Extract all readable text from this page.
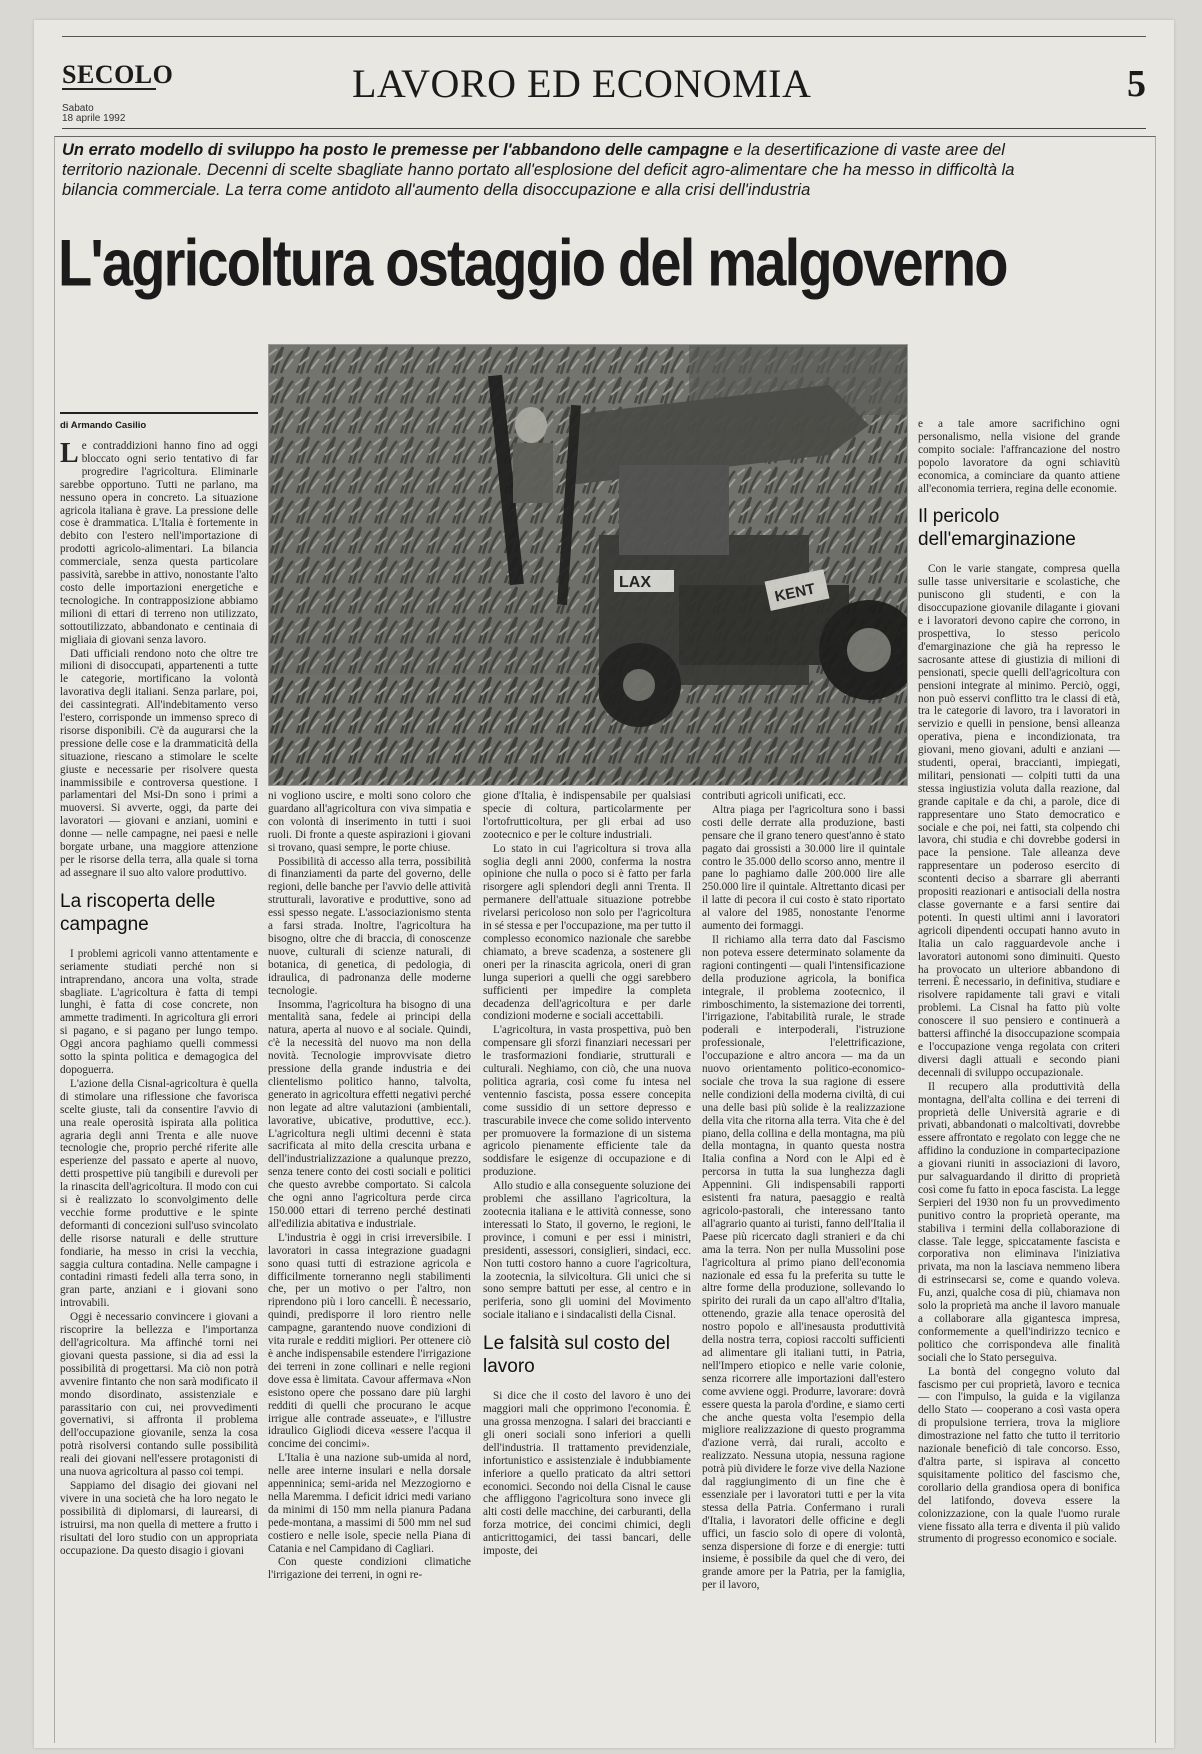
SECOLO
Sabato
18 aprile 1992
LAVORO ED ECONOMIA	5
Un errato modello di sviluppo ha posto le premesse per l'abbandono delle campagne e la desertificazione di vaste aree del territorio nazionale. Decenni di scelte sbagliate hanno portato all'esplosione del deficit agro-alimentare che ha messo in difficoltà la bilancia commerciale. La terra come antidoto all'aumento della disoccupazione e alla crisi dell'industria
L'agricoltura ostaggio del malgoverno
di Armando Casilio
LAX	KENT

Le contraddizioni hanno fino ad oggi bloccato ogni serio tentativo di far progredire l'agricoltura. Eliminarle sarebbe opportuno. Tutti ne parlano, ma nessuno opera in concreto. La situazione agricola italiana è grave. La pressione delle cose è drammatica. L'Italia è fortemente in debito con l'estero nell'importazione di prodotti agricolo-alimentari. La bilancia commerciale, senza questa particolare passività, sarebbe in attivo, nonostante l'alto costo delle importazioni energetiche e tecnologiche. In contrapposizione abbiamo milioni di ettari di terreno non utilizzato, sottoutilizzato, abbandonato e centinaia di migliaia di giovani senza lavoro.

Dati ufficiali rendono noto che oltre tre milioni di disoccupati, appartenenti a tutte le categorie, mortificano la volontà lavorativa degli italiani. Senza parlare, poi, dei cassintegrati. All'indebitamento verso l'estero, corrisponde un immenso spreco di risorse disponibili. C'è da augurarsi che la pressione delle cose e la drammaticità della situazione, riescano a stimolare le scelte giuste e necessarie per risolvere questa inammissibile e controversa questione. I parlamentari del Msi-Dn sono i primi a muoversi. Si avverte, oggi, da parte dei lavoratori — giovani e anziani, uomini e donne — nelle campagne, nei paesi e nelle borgate urbane, una maggiore attenzione per le risorse della terra, alla quale si torna ad assegnare il suo alto valore produttivo.

La riscoperta delle campagne

I problemi agricoli vanno attentamente e seriamente studiati perché non si intraprendano, ancora una volta, strade sbagliate. L'agricoltura è fatta di tempi lunghi, è fatta di cose concrete, non ammette tradimenti. In agricoltura gli errori si pagano, e si pagano per lungo tempo. Oggi ancora paghiamo quelli commessi sotto la spinta politica e demagogica del dopoguerra.

L'azione della Cisnal-agricoltura è quella di stimolare una riflessione che favorisca scelte giuste, tali da consentire l'avvio di una reale operosità ispirata alla politica agraria degli anni Trenta e alle nuove tecnologie che, proprio perché riferite alle esperienze del passato e aperte al nuovo, detti prospettive più tangibili e durevoli per la rinascita dell'agricoltura. Il modo con cui si è realizzato lo sconvolgimento delle vecchie forme produttive e le spinte deformanti di concezioni sull'uso svincolato delle risorse naturali e delle strutture fondiarie, ha messo in crisi la vecchia, saggia cultura contadina. Nelle campagne i contadini rimasti fedeli alla terra sono, in gran parte, anziani e i giovani sono introvabili.

Oggi è necessario convincere i giovani a riscoprire la bellezza e l'importanza dell'agricoltura. Ma affinché torni nei giovani questa passione, si dia ad essi la possibilità di progettarsi. Ma ciò non potrà avvenire fintanto che non sarà modificato il mondo disordinato, assistenziale e parassitario con cui, nei provvedimenti governativi, si affronta il problema dell'occupazione giovanile, senza la cosa potrà risolversi contando sulle possibilità reali dei giovani nell'essere protagonisti di una nuova agricoltura al passo coi tempi.

Sappiamo del disagio dei giovani nel vivere in una società che ha loro negato le possibilità di diplomarsi, di laurearsi, di istruirsi, ma non quella di mettere a frutto i risultati del loro studio con un appropriata occupazione. Da questo disagio i giovani

ni vogliono uscire, e molti sono coloro che guardano all'agricoltura con viva simpatia e con volontà di inserimento in tutti i suoi ruoli. Di fronte a queste aspirazioni i giovani si trovano, quasi sempre, le porte chiuse.

Possibilità di accesso alla terra, possibilità di finanziamenti da parte del governo, delle regioni, delle banche per l'avvio delle attività strutturali, lavorative e produttive, sono ad essi spesso negate. L'associazionismo stenta a farsi strada. Inoltre, l'agricoltura ha bisogno, oltre che di braccia, di conoscenze nuove, culturali di scienze naturali, di botanica, di genetica, di pedologia, di idraulica, di padronanza delle moderne tecnologie.

Insomma, l'agricoltura ha bisogno di una mentalità sana, fedele ai principi della natura, aperta al nuovo e al sociale. Quindi, c'è la necessità del nuovo ma non della novità. Tecnologie improvvisate dietro pressione della grande industria e dei clientelismo politico hanno, talvolta, generato in agricoltura effetti negativi perché non legate ad altre valutazioni (ambientali, lavorative, ubicative, produttive, ecc.). L'agricoltura negli ultimi decenni è stata sacrificata al mito della crescita urbana e dell'industrializzazione a qualunque prezzo, senza tenere conto dei costi sociali e politici che questo avrebbe comportato. Si calcola che ogni anno l'agricoltura perde circa 150.000 ettari di terreno perché destinati all'edilizia abitativa e industriale.

L'industria è oggi in crisi irreversibile. I lavoratori in cassa integrazione guadagni sono quasi tutti di estrazione agricola e difficilmente torneranno negli stabilimenti che, per un motivo o per l'altro, non riprendono più i loro cancelli. È necessario, quindi, predisporre il loro rientro nelle campagne, garantendo nuove condizioni di vita rurale e redditi migliori. Per ottenere ciò è anche indispensabile estendere l'irrigazione dei terreni in zone collinari e nelle regioni dove essa è limitata. Cavour affermava «Non esistono opere che possano dare più larghi redditi di quelli che procurano le acque irrigue alle contrade asseuate», e l'illustre idraulico Gigliodi diceva «essere l'acqua il concime dei concimi».

L'Italia è una nazione sub-umida al nord, nelle aree interne insulari e nella dorsale appenninica; semi-arida nel Mezzogiorno e nella Maremma. I deficit idrici medi variano da minimi di 150 mm nella pianura Padana pede-montana, a massimi di 500 mm nel sud costiero e nelle isole, specie nella Piana di Catania e nel Campidano di Cagliari.

Con queste condizioni climatiche l'irrigazione dei terreni, in ogni re-

gione d'Italia, è indispensabile per qualsiasi specie di coltura, particolarmente per l'ortofrutticoltura, per gli erbai ad uso zootecnico e per le colture industriali.

Lo stato in cui l'agricoltura si trova alla soglia degli anni 2000, conferma la nostra opinione che nulla o poco si è fatto per farla risorgere agli splendori degli anni Trenta. Il permanere dell'attuale situazione potrebbe rivelarsi pericoloso non solo per l'agricoltura in sé stessa e per l'occupazione, ma per tutto il complesso economico nazionale che sarebbe chiamato, a breve scadenza, a sostenere gli oneri per la rinascita agricola, oneri di gran lunga superiori a quelli che oggi sarebbero sufficienti per impedire la completa decadenza dell'agricoltura e per darle condizioni moderne e sociali accettabili.

L'agricoltura, in vasta prospettiva, può ben compensare gli sforzi finanziari necessari per le trasformazioni fondiarie, strutturali e culturali. Neghiamo, con ciò, che una nuova politica agraria, così come fu intesa nel ventennio fascista, possa essere concepita come sussidio di un settore depresso e trascurabile invece che come solido intervento per promuovere la formazione di un sistema agricolo pienamente efficiente tale da soddisfare le esigenze di occupazione e di produzione.

Allo studio e alla conseguente soluzione dei problemi che assillano l'agricoltura, la zootecnia italiana e le attività connesse, sono interessati lo Stato, il governo, le regioni, le province, i comuni e per essi i ministri, presidenti, assessori, consiglieri, sindaci, ecc. Non tutti costoro hanno a cuore l'agricoltura, la zootecnia, la silvicoltura. Gli unici che si sono sempre battuti per esse, al centro e in periferia, sono gli uomini del Movimento sociale italiano e i sindacalisti della Cisnal.

Le falsità sul costo del lavoro

Si dice che il costo del lavoro è uno dei maggiori mali che opprimono l'economia. È una grossa menzogna. I salari dei braccianti e gli oneri sociali sono inferiori a quelli dell'industria. Il trattamento previdenziale, infortunistico e assistenziale è indubbiamente inferiore a quello praticato da altri settori economici. Secondo noi della Cisnal le cause che affliggono l'agricoltura sono invece gli alti costi delle macchine, dei carburanti, della forza motrice, dei concimi chimici, degli anticrittogamici, dei tassi bancari, delle imposte, dei

contributi agricoli unificati, ecc.

Altra piaga per l'agricoltura sono i bassi costi delle derrate alla produzione, basti pensare che il grano tenero quest'anno è stato pagato dai grossisti a 30.000 lire il quintale contro le 35.000 dello scorso anno, mentre il pane lo paghiamo dalle 200.000 lire alle 250.000 lire il quintale. Altrettanto dicasi per il latte di pecora il cui costo è stato riportato al valore del 1985, nonostante l'enorme aumento dei formaggi.

Il richiamo alla terra dato dal Fascismo non poteva essere determinato solamente da ragioni contingenti — quali l'intensificazione della produzione agricola, la bonifica integrale, il problema zootecnico, il rimboschimento, la sistemazione dei torrenti, l'irrigazione, l'abitabilità rurale, le strade poderali e interpoderali, l'istruzione professionale, l'elettrificazione, l'occupazione e altro ancora — ma da un nuovo orientamento politico-economico-sociale che trova la sua ragione di essere nelle condizioni della moderna civiltà, di cui una delle basi più solide è la realizzazione della vita che ritorna alla terra. Vita che è del piano, della collina e della montagna, ma più della montagna, in quanto questa nostra Italia confina a Nord con le Alpi ed è percorsa in tutta la sua lunghezza dagli Appennini. Gli indispensabili rapporti esistenti fra natura, paesaggio e realtà agricolo-pastorali, che interessano tanto all'agrario quanto ai turisti, fanno dell'Italia il Paese più ricercato dagli stranieri e da chi ama la terra. Non per nulla Mussolini pose l'agricoltura al primo piano dell'economia nazionale ed essa fu la preferita su tutte le altre forme della produzione, sollevando lo spirito dei rurali da un capo all'altro d'Italia, ottenendo, grazie alla tenace operosità del nostro popolo e all'inesausta produttività della nostra terra, copiosi raccolti sufficienti ad alimentare gli italiani tutti, in Patria, nell'Impero etiopico e nelle varie colonie, senza ricorrere alle importazioni dall'estero come avviene oggi. Produrre, lavorare: dovrà essere questa la parola d'ordine, e siamo certi che anche questa volta l'esempio della migliore realizzazione di questo programma d'azione verrà, dai rurali, accolto e realizzato. Nessuna utopia, nessuna ragione potrà più dividere le forze vive della Nazione dal raggiungimento di un fine che è essenziale per i lavoratori tutti e per la vita stessa della Patria. Confermano i rurali d'Italia, i lavoratori delle officine e degli uffici, un fascio solo di opere di volontà, senza dispersione di forze e di energie: tutti insieme, è possibile da quel che di vero, dei grande amore per la Patria, per la famiglia, per il lavoro,

e a tale amore sacrifichino ogni personalismo, nella visione del grande compito sociale: l'affrancazione del nostro popolo lavoratore da ogni schiavitù economica, a cominciare da quanto attiene all'economia terriera, regina delle economie.

Il pericolo dell'emarginazione

Con le varie stangate, compresa quella sulle tasse universitarie e scolastiche, che puniscono gli studenti, e con la disoccupazione giovanile dilagante i giovani e i lavoratori devono capire che corrono, in prospettiva, lo stesso pericolo d'emarginazione che già ha represso le sacrosante attese di giustizia di milioni di pensionati, specie quelli dell'agricoltura con pensioni integrate al minimo. Perciò, oggi, non può esservi conflitto tra le classi di età, tra le categorie di lavoro, tra i lavoratori in servizio e quelli in pensione, bensì alleanza operativa, piena e incondizionata, tra giovani, meno giovani, adulti e anziani — studenti, operai, braccianti, impiegati, militari, pensionati — colpiti tutti da una stessa ingiustizia voluta dalla reazione, dal grande capitale e da chi, a parole, dice di rappresentare uno Stato democratico e sociale e che poi, nei fatti, sta colpendo chi lavora, chi studia e chi dovrebbe godersi in pace la pensione. Tale alleanza deve rappresentare un poderoso esercito di scontenti deciso a sbarrare gli aberranti propositi reazionari e antisociali della nostra classe governante e a farsi sentire dai potenti. In questi ultimi anni i lavoratori agricoli dipendenti occupati hanno avuto in Italia un calo ragguardevole anche i lavoratori autonomi sono diminuiti. Questo ha provocato un ulteriore abbandono di terreni. È necessario, in definitiva, studiare e risolvere rapidamente tali gravi e vitali problemi. La Cisnal ha fatto più volte conoscere il suo pensiero e continuerà a battersi affinché la disoccupazione scompaia e l'occupazione venga regolata con criteri diversi dagli attuali e secondo piani decennali di sviluppo occupazionale.

Il recupero alla produttività della montagna, dell'alta collina e dei terreni di proprietà delle Università agrarie e di privati, abbandonati o malcoltivati, dovrebbe essere affrontato e regolato con legge che ne affidino la conduzione in compartecipazione a giovani riuniti in associazioni di lavoro, pur salvaguardando il diritto di proprietà così come fu fatto in epoca fascista. La legge Serpieri del 1930 non fu un provvedimento punitivo contro la proprietà operante, ma stabiliva i termini della collaborazione di classe. Tale legge, spiccatamente fascista e corporativa non eliminava l'iniziativa privata, ma non la lasciava nemmeno libera di estrinsecarsi se, come e quando voleva. Fu, anzi, qualche cosa di più, chiamava non solo la proprietà ma anche il lavoro manuale a collaborare alla gigantesca impresa, conformemente a quell'indirizzo tecnico e politico che corrispondeva alle finalità sociali che lo Stato perseguiva.

La bontà del congegno voluto dal fascismo per cui proprietà, lavoro e tecnica — con l'impulso, la guida e la vigilanza dello Stato — cooperano a così vasta opera di propulsione terriera, trova la migliore dimostrazione nel fatto che tutto il territorio nazionale beneficiò di tale concorso. Esso, d'altra parte, si ispirava al concetto squisitamente politico del fascismo che, corollario della grandiosa opera di bonifica del latifondo, doveva essere la colonizzazione, con la quale l'uomo rurale viene fissato alla terra e diventa il più valido strumento di progresso economico e sociale.
